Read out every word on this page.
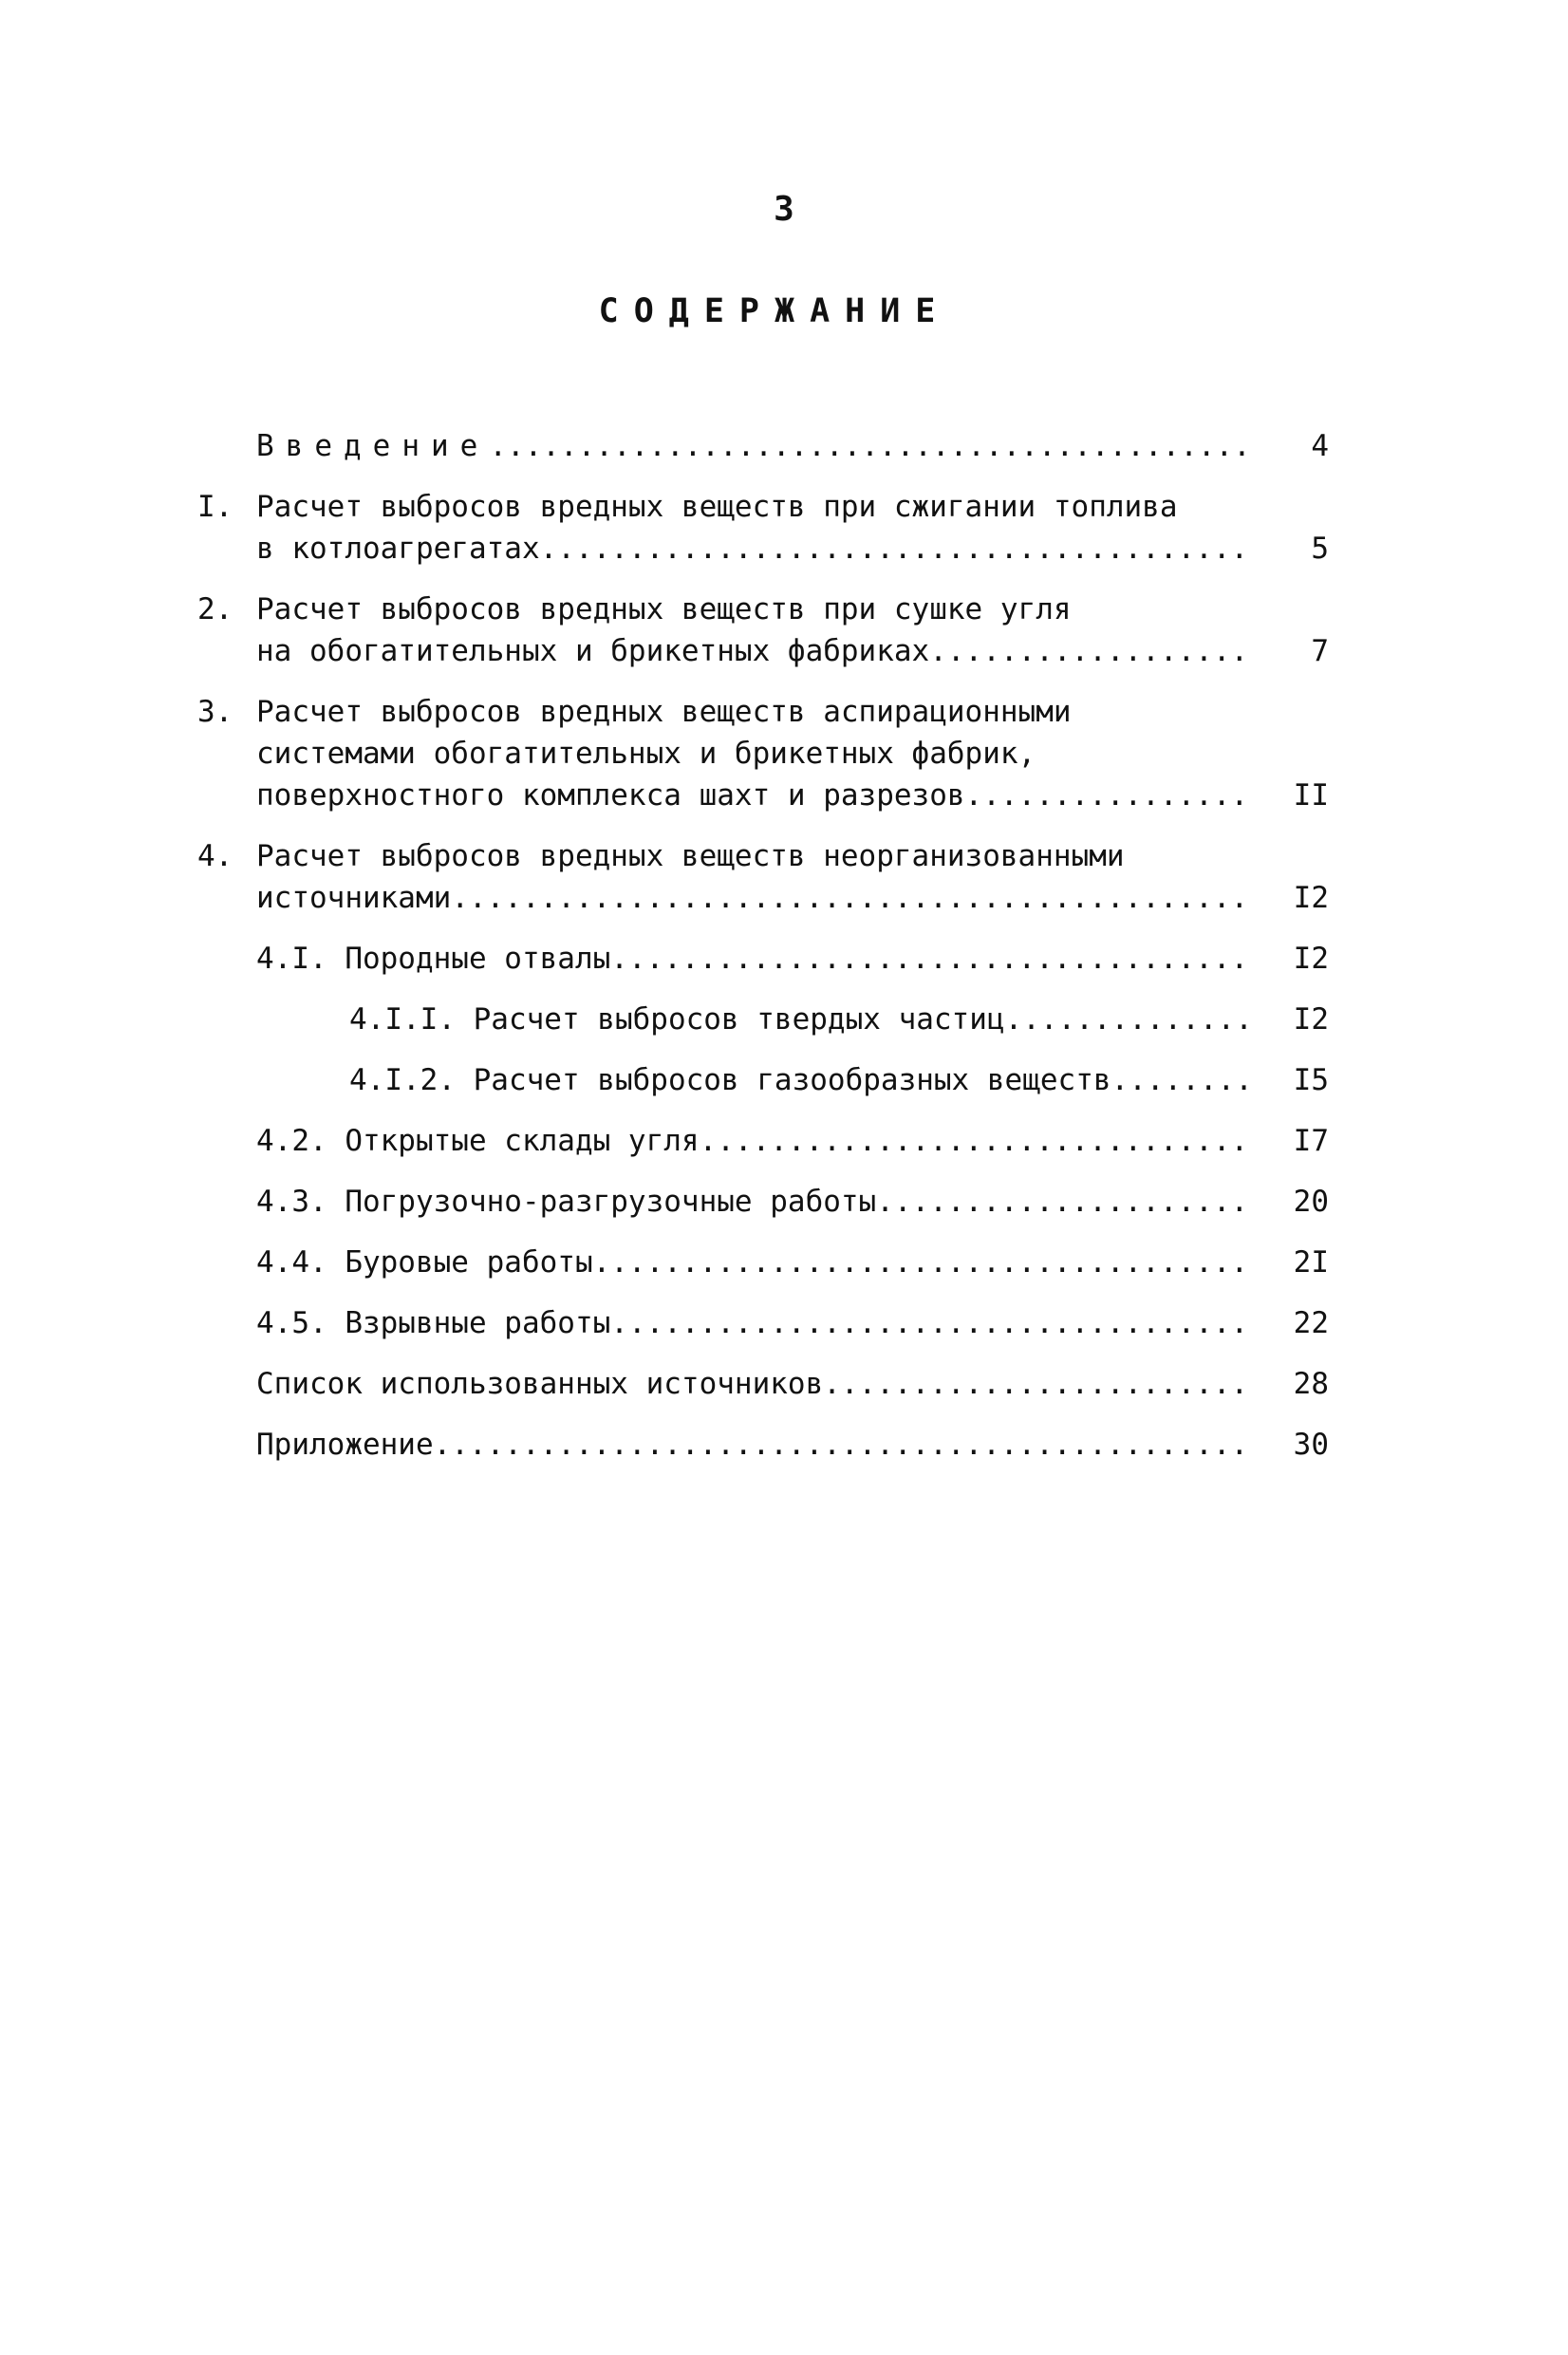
3
СОДЕРЖАНИЕ
Введение .....	4
I. Расчет выбросов вредных веществ при сжигании топлива
в котлоагрегатах .....	5
2. Расчет выбросов вредных веществ при сушке угля
на обогатительных и брикетных фабриках .....	7
3. Расчет выбросов вредных веществ аспирационными
системами обогатительных и брикетных фабрик,
поверхностного комплекса шахт и разрезов .....	II
4. Расчет выбросов вредных веществ неорганизованными
источниками .....	I2
4.I. Породные отвалы .....	I2
4.I.I. Расчет выбросов твердых частиц .....	I2
4.I.2. Расчет выбросов газообразных веществ .....	I5
4.2. Открытые склады угля .....	I7
4.3. Погрузочно-разгрузочные работы .....	20
4.4. Буровые работы .....	2I
4.5. Взрывные работы .....	22
Список использованных источников .....	28
Приложение .....	30
